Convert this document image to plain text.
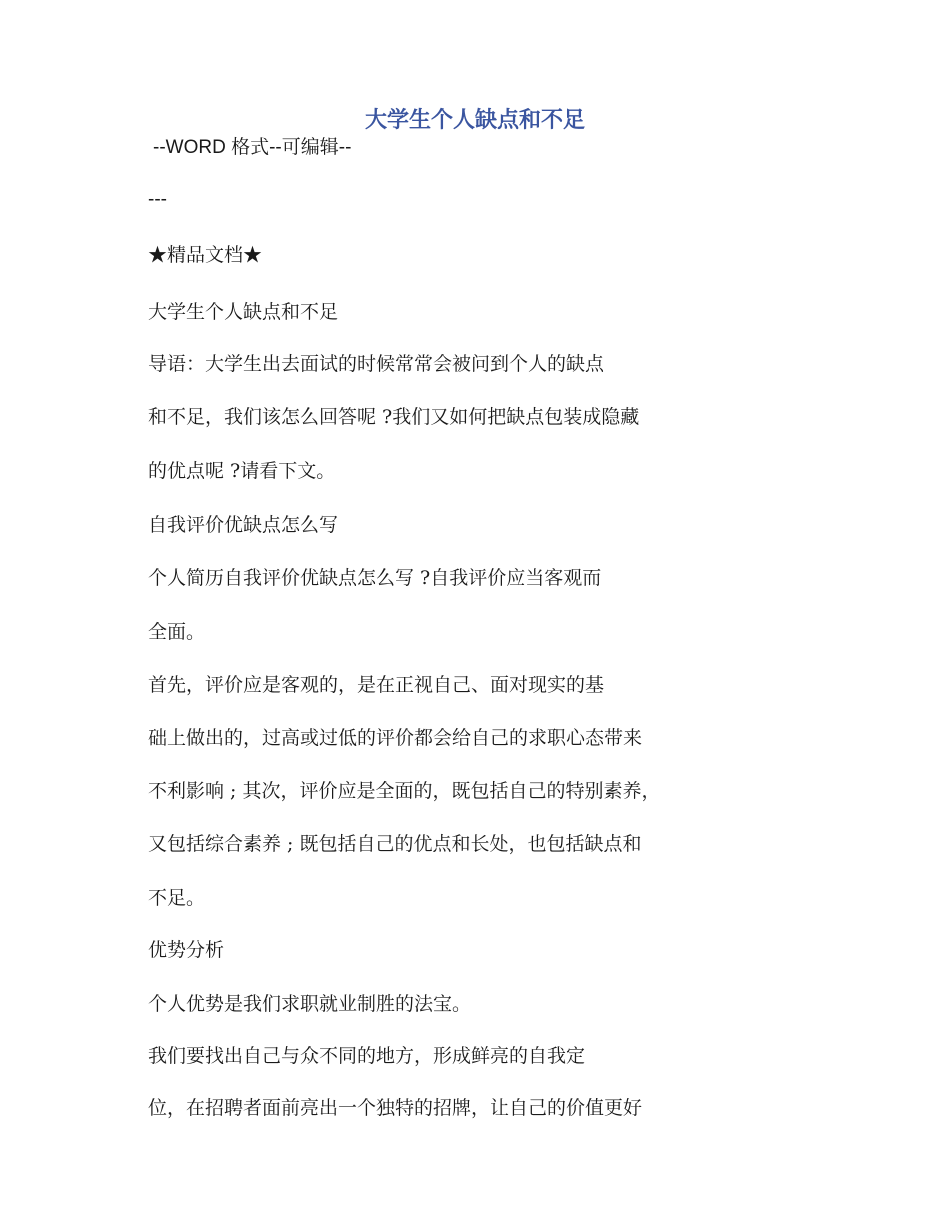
大学生个人缺点和不足
--WORD 格式--可编辑--
---
★精品文档★
大学生个人缺点和不足
导语：大学生出去面试的时候常常会被问到个人的缺点
和不足，我们该怎么回答呢 ?我们又如何把缺点包装成隐藏
的优点呢 ?请看下文。
自我评价优缺点怎么写
个人简历自我评价优缺点怎么写 ?自我评价应当客观而
全面。
首先，评价应是客观的，是在正视自己、面对现实的基
础上做出的，过高或过低的评价都会给自己的求职心态带来
不利影响 ; 其次，评价应是全面的，既包括自己的特别素养，
又包括综合素养 ; 既包括自己的优点和长处，也包括缺点和
不足。
优势分析
个人优势是我们求职就业制胜的法宝。
我们要找出自己与众不同的地方，形成鲜亮的自我定
位，在招聘者面前亮出一个独特的招牌，让自己的价值更好
